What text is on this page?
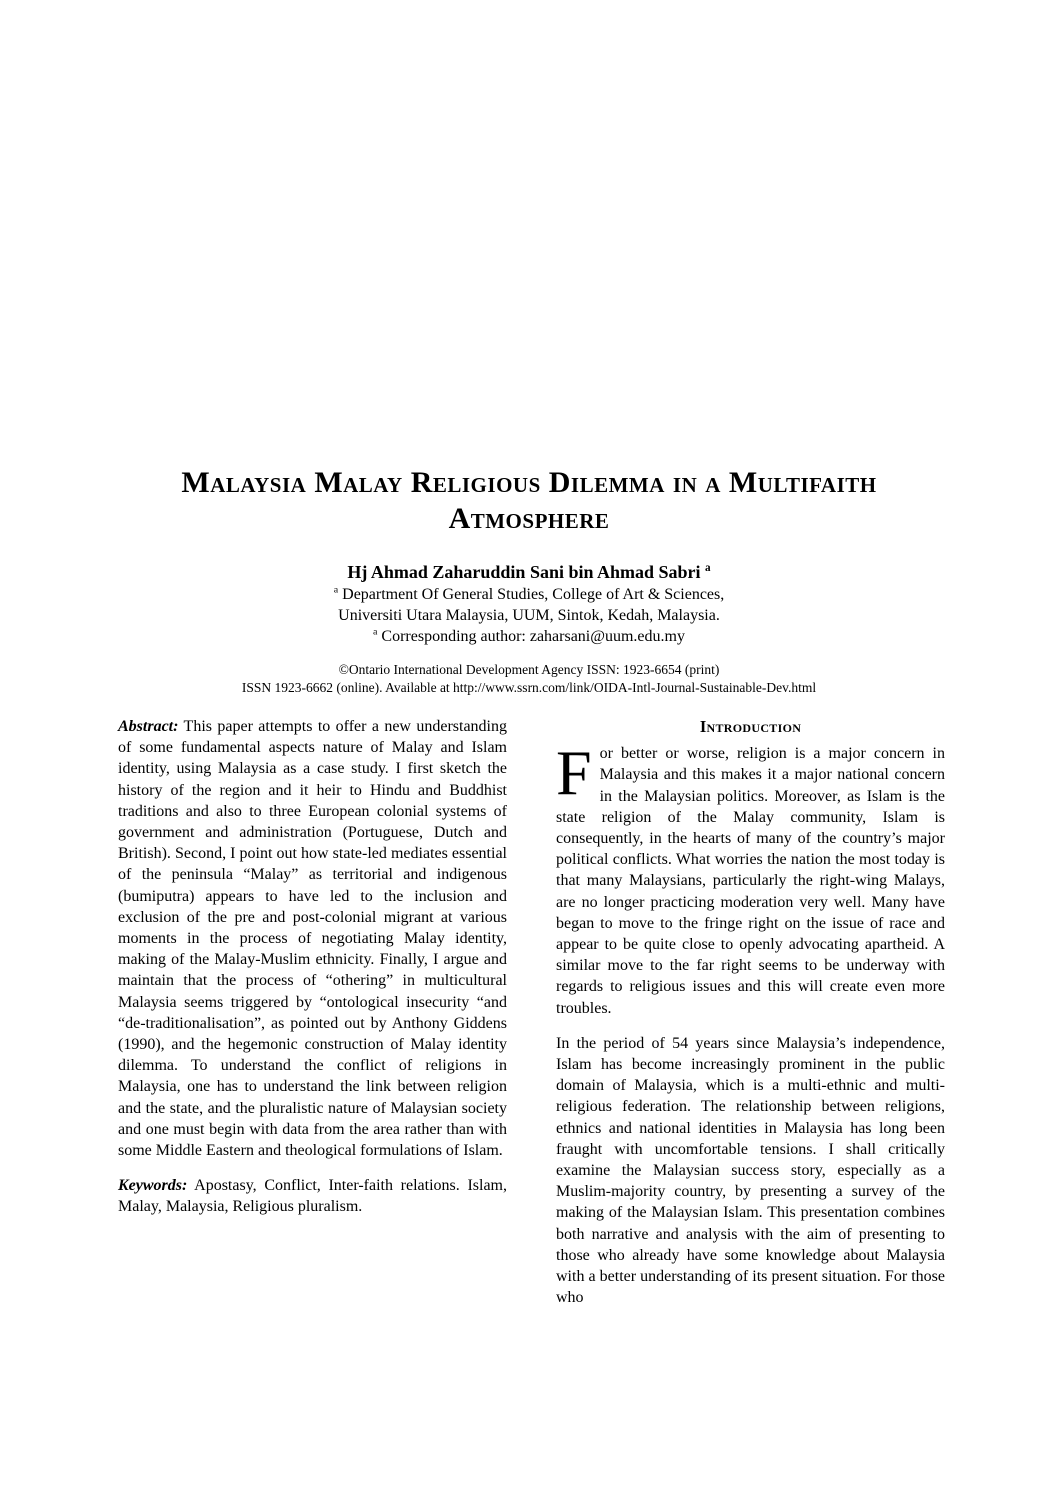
Malaysia Malay Religious Dilemma in a Multifaith
Atmosphere
Hj Ahmad Zaharuddin Sani bin Ahmad Sabri $^a$
$^a$ Department Of General Studies, College of Art & Sciences,
Universiti Utara Malaysia, UUM, Sintok, Kedah, Malaysia.
$^a$ Corresponding author: zaharsani@uum.edu.my
©Ontario International Development Agency ISSN: 1923-6654 (print)
ISSN 1923-6662 (online). Available at http://www.ssrn.com/link/OIDA-Intl-Journal-Sustainable-Dev.html

Abstract: This paper attempts to offer a new understanding of some fundamental aspects nature of Malay and Islam identity, using Malaysia as a case study. I first sketch the history of the region and it heir to Hindu and Buddhist traditions and also to three European colonial systems of government and administration (Portuguese, Dutch and British). Second, I point out how state-led mediates essential of the peninsula “Malay” as territorial and indigenous (bumiputra) appears to have led to the inclusion and exclusion of the pre and post-colonial migrant at various moments in the process of negotiating Malay identity, making of the Malay-Muslim ethnicity. Finally, I argue and maintain that the process of “othering” in multicultural Malaysia seems triggered by “ontological insecurity “and “de-traditionalisation”, as pointed out by Anthony Giddens (1990), and the hegemonic construction of Malay identity dilemma. To understand the conflict of religions in Malaysia, one has to understand the link between religion and the state, and the pluralistic nature of Malaysian society and one must begin with data from the area rather than with some Middle Eastern and theological formulations of Islam.

Keywords: Apostasy, Conflict, Inter-faith relations. Islam, Malay, Malaysia, Religious pluralism.

Introduction

For better or worse, religion is a major concern in Malaysia and this makes it a major national concern in the Malaysian politics. Moreover, as Islam is the state religion of the Malay community, Islam is consequently, in the hearts of many of the country’s major political conflicts. What worries the nation the most today is that many Malaysians, particularly the right-wing Malays, are no longer practicing moderation very well. Many have began to move to the fringe right on the issue of race and appear to be quite close to openly advocating apartheid. A similar move to the far right seems to be underway with regards to religious issues and this will create even more troubles.

In the period of 54 years since Malaysia’s independence, Islam has become increasingly prominent in the public domain of Malaysia, which is a multi-ethnic and multi-religious federation. The relationship between religions, ethnics and national identities in Malaysia has long been fraught with uncomfortable tensions. I shall critically examine the Malaysian success story, especially as a Muslim-majority country, by presenting a survey of the making of the Malaysian Islam. This presentation combines both narrative and analysis with the aim of presenting to those who already have some knowledge about Malaysia with a better understanding of its present situation. For those who
